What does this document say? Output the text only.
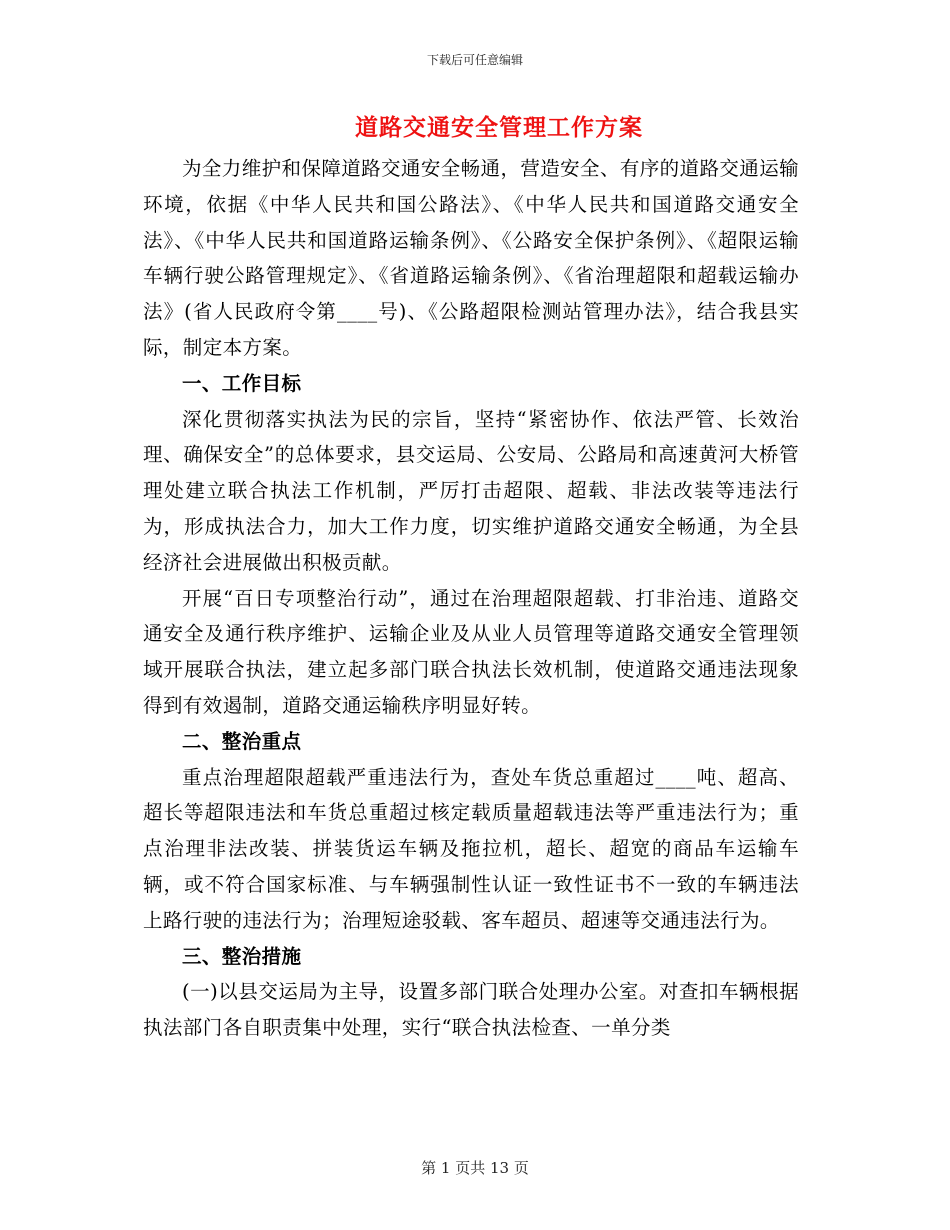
下载后可任意编辑
道路交通安全管理工作方案

为全力维护和保障道路交通安全畅通，营造安全、有序的道路交通运输环境，依据《中华人民共和国公路法》、《中华人民共和国道路交通安全法》、《中华人民共和国道路运输条例》、《公路安全保护条例》、《超限运输车辆行驶公路管理规定》、《省道路运输条例》、《省治理超限和超载运输办法》(省人民政府令第____号)、《公路超限检测站管理办法》，结合我县实际，制定本方案。

一、工作目标

深化贯彻落实执法为民的宗旨，坚持“紧密协作、依法严管、长效治理、确保安全”的总体要求，县交运局、公安局、公路局和高速黄河大桥管理处建立联合执法工作机制，严厉打击超限、超载、非法改装等违法行为，形成执法合力，加大工作力度，切实维护道路交通安全畅通，为全县经济社会进展做出积极贡献。

开展“百日专项整治行动”，通过在治理超限超载、打非治违、道路交通安全及通行秩序维护、运输企业及从业人员管理等道路交通安全管理领域开展联合执法，建立起多部门联合执法长效机制，使道路交通违法现象得到有效遏制，道路交通运输秩序明显好转。

二、整治重点

重点治理超限超载严重违法行为，查处车货总重超过____吨、超高、超长等超限违法和车货总重超过核定载质量超载违法等严重违法行为；重点治理非法改装、拼装货运车辆及拖拉机，超长、超宽的商品车运输车辆，或不符合国家标准、与车辆强制性认证一致性证书不一致的车辆违法上路行驶的违法行为；治理短途驳载、客车超员、超速等交通违法行为。

三、整治措施

(一)以县交运局为主导，设置多部门联合处理办公室。对查扣车辆根据执法部门各自职责集中处理，实行“联合执法检查、一单分类

第 1 页共 13 页
